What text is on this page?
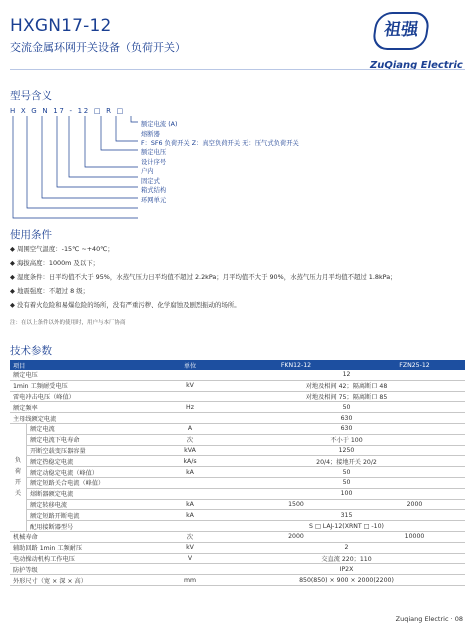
HXGN17-12
交流金属环网开关设备（负荷开关）
祖强
ZuQiang Electric
型号含义
H X G N 17 - 12 □ R □
额定电流 (A)
熔断器
F：SF6 负荷开关 Z：真空负荷开关 无：压气式负荷开关
额定电压
设计序号
户内
固定式
箱式结构
环网单元
使用条件
◆ 周围空气温度：-15℃ ~+40℃；
◆ 海拔高度：1000m 及以下；
◆ 湿度条件：日平均值不大于 95%，水蒸气压力日平均值不超过 2.2kPa；月平均值不大于 90%，水蒸气压力月平均值不超过 1.8kPa；
◆ 地震强度：不超过 8 级；
◆ 没有着火危险和易爆危险的场所，没有严重污秽、化学腐蚀及剧烈振动的场所。
注：在以上条件以外的使用时，用户与本厂协商
技术参数
项目		单位	FKN12-12	FZN25-12
额定电压			12	
1min 工频耐受电压		kV	对地及相间 42；隔离断口 48	
雷电冲击电压（峰值）			对地及相间 75；隔离断口 85	
额定频率		Hz	50	
主母线额定电流			630	
负荷开关	额定电流	A	630	
	额定电流下电寿命	次	不小于 100	
	开断空载变压器容量	kVA	1250	
	额定热稳定电流	kA/s	20/4；接地开关 20/2	
	额定动稳定电流（峰值）	kA	50	
	额定短路关合电流（峰值）		50	
	熔断器额定电流		100	
	额定转移电流	kA	1500	2000
	额定短路开断电流	kA	315	
	配用接断器型号		S □ LAJ-12(XRNT □ -10)	
机械寿命		次	2000	10000
辅助回路 1min 工频耐压		kV	2	
电动操动机构工作电压		V	交直流 220；110	
防护等级			IP2X	
外形尺寸（宽 × 深 × 高）		mm	850(850) × 900 × 2000(2200)	
Zuqiang Electric · 08
